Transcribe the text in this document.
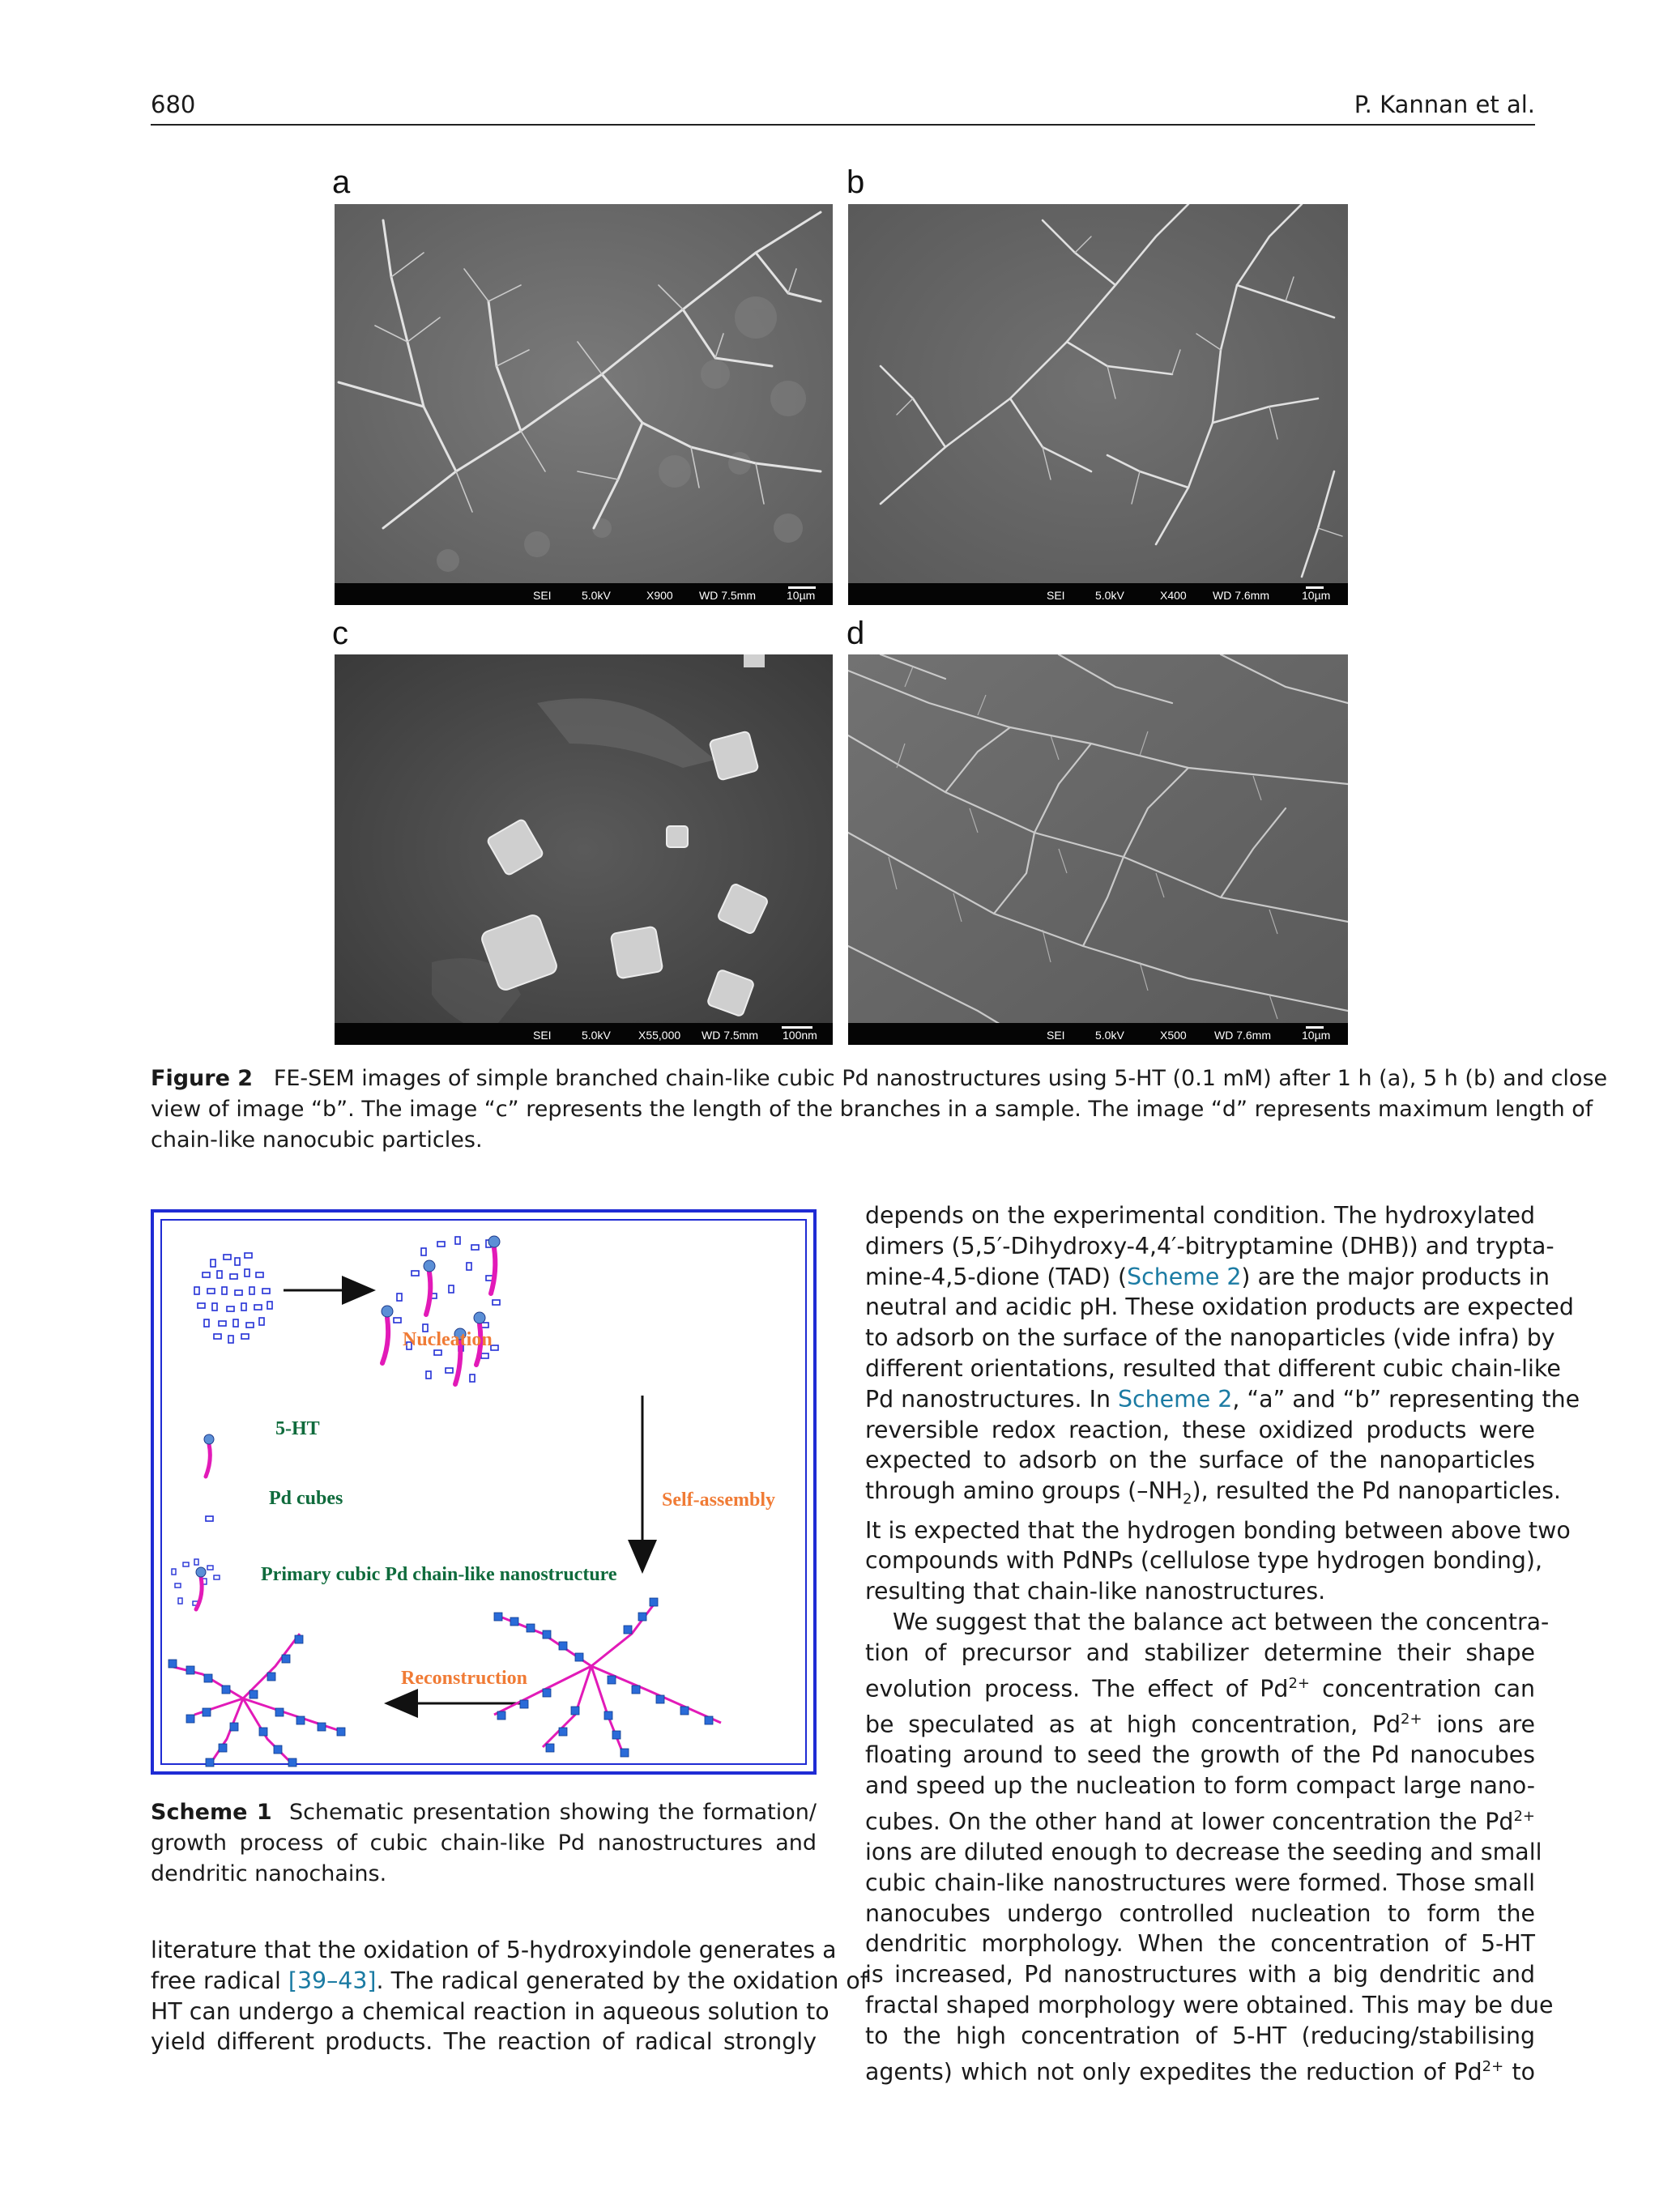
680	P. Kannan et al.
a	b
c	d
SEI	5.0kV	X900 WD 7.5mm	10µm	SEI	5.0kV	X400 WD 7.6mm	10µm
SEI	5.0kV X55,000 WD 7.5mm 100nm	SEI	5.0kV	X500 WD 7.6mm	10µm
Figure 2 FE-SEM images of simple branched chain-like cubic Pd nanostructures using 5-HT (0.1 mM) after 1 h (a), 5 h (b) and close
view of image “b”. The image “c” represents the length of the branches in a sample. The image “d” represents maximum length of
chain-like nanocubic particles.
Nucleation
Self-assembly
Reconstruction
5-HT
Pd cubes
Primary cubic Pd chain-like nanostructure
Scheme 1 Schematic presentation showing the formation/
growth process of cubic chain-like Pd nanostructures and
dendritic nanochains.
literature that the oxidation of 5-hydroxyindole generates a
free radical [39–43]. The radical generated by the oxidation of
HT can undergo a chemical reaction in aqueous solution to
yield different products. The reaction of radical strongly
depends on the experimental condition. The hydroxylated
dimers (5,5′-Dihydroxy-4,4′-bitryptamine (DHB)) and trypta-
mine-4,5-dione (TAD) (Scheme 2) are the major products in
neutral and acidic pH. These oxidation products are expected
to adsorb on the surface of the nanoparticles (vide infra) by
different orientations, resulted that different cubic chain-like
Pd nanostructures. In Scheme 2, “a” and “b” representing the
reversible redox reaction, these oxidized products were
expected to adsorb on the surface of the nanoparticles
through amino groups $(-NH_2)$, resulted the Pd nanoparticles.
It is expected that the hydrogen bonding between above two
compounds with PdNPs (cellulose type hydrogen bonding),
resulting that chain-like nanostructures.
We suggest that the balance act between the concentra-
tion of precursor and stabilizer determine their shape
evolution process. The effect of $Pd^{2+}$ concentration can
be speculated as at high concentration, $Pd^{2+}$ ions are
floating around to seed the growth of the Pd nanocubes
and speed up the nucleation to form compact large nano-
cubes. On the other hand at lower concentration the $Pd^{2+}$
ions are diluted enough to decrease the seeding and small
cubic chain-like nanostructures were formed. Those small
nanocubes undergo controlled nucleation to form the
dendritic morphology. When the concentration of 5-HT
is increased, Pd nanostructures with a big dendritic and
fractal shaped morphology were obtained. This may be due
to the high concentration of 5-HT (reducing/stabilising
agents) which not only expedites the reduction of $Pd^{2+}$ to
